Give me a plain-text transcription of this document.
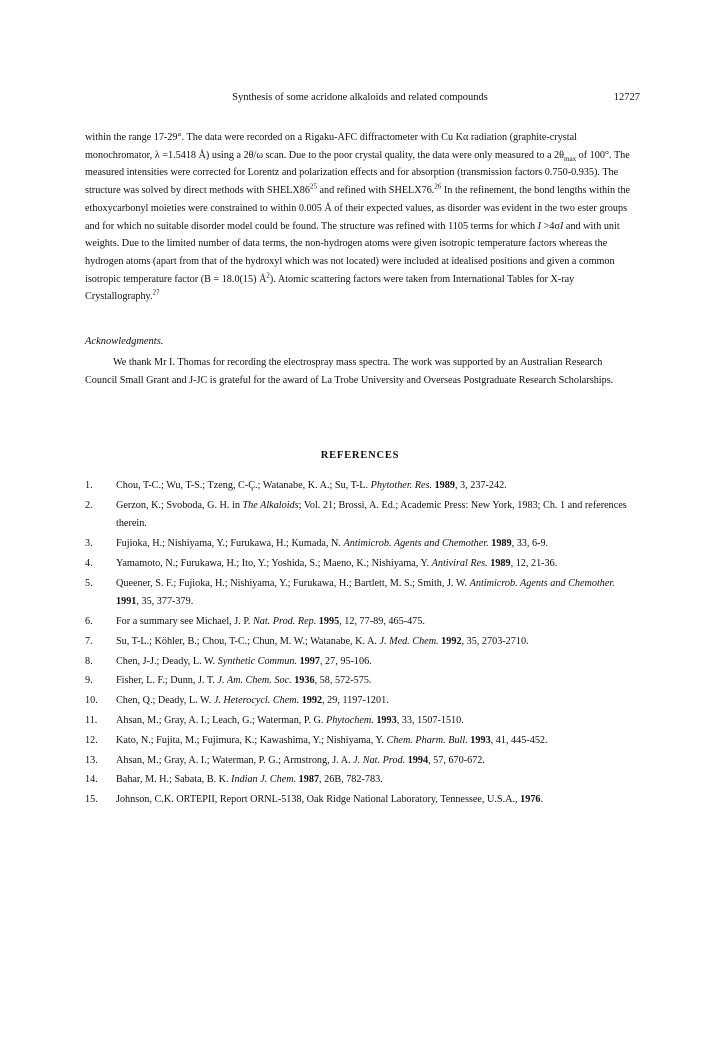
Synthesis of some acridone alkaloids and related compounds	12727

within the range 17-29°. The data were recorded on a Rigaku-AFC diffractometer with Cu Kα radiation (graphite-crystal monochromator, λ =1.5418 Å) using a 2θ/ω scan. Due to the poor crystal quality, the data were only measured to a $2\theta_{max}$ of 100°. The measured intensities were corrected for Lorentz and polarization effects and for absorption (transmission factors 0.750-0.935). The structure was solved by direct methods with $SHELX86^{25}$ and refined with SHELX76.26 In the refinement, the bond lengths within the ethoxycarbonyl moieties were constrained to within 0.005 Å of their expected values, as disorder was evident in the two ester groups and for which no suitable disorder model could be found. The structure was refined with 1105 terms for which I >4σI and with unit weights. Due to the limited number of data terms, the non-hydrogen atoms were given isotropic temperature factors whereas the hydrogen atoms (apart from that of the hydroxyl which was not located) were included at idealised positions and given a common isotropic temperature factor (B = 18.0(15) $Å^2$). Atomic scattering factors were taken from International Tables for X-ray Crystallography.$^{27}$

Acknowledgments.

We thank Mr I. Thomas for recording the electrospray mass spectra. The work was supported by an Australian Research Council Small Grant and J-JC is grateful for the award of La Trobe University and Overseas Postgraduate Research Scholarships.

REFERENCES

1. Chou, T-C.; Wu, T-S.; Tzeng, C-Ç.; Watanabe, K. A.; Su, T-L. Phytother. Res. 1989, 3, 237-242.
2. Gerzon, K.; Svoboda, G. H. in The Alkaloids; Vol. 21; Brossi, A. Ed.; Academic Press: New York, 1983; Ch. 1 and references therein.
3. Fujioka, H.; Nishiyama, Y.; Furukawa, H.; Kumada, N. Antimicrob. Agents and Chemother. 1989, 33, 6-9.
4. Yamamoto, N.; Furukawa, H.; Ito, Y.; Yoshida, S.; Maeno, K.; Nishiyama, Y. Antiviral Res. 1989, 12, 21-36.
5. Queener, S. F.; Fujioka, H.; Nishiyama, Y.; Furukawa, H.; Bartlett, M. S.; Smith, J. W. Antimicrob. Agents and Chemother. 1991, 35, 377-379.
6. For a summary see Michael, J. P. Nat. Prod. Rep. 1995, 12, 77-89, 465-475.
7. Su, T-L.; Köhler, B.; Chou, T-C.; Chun, M. W.; Watanabe, K. A. J. Med. Chem. 1992, 35, 2703-2710.
8. Chen, J-J.; Deady, L. W. Synthetic Commun. 1997, 27, 95-106.
9. Fisher, L. F.; Dunn, J. T. J. Am. Chem. Soc. 1936, 58, 572-575.
10. Chen, Q.; Deady, L. W. J. Heterocycl. Chem. 1992, 29, 1197-1201.
11. Ahsan, M.; Gray, A. I.; Leach, G.; Waterman, P. G. Phytochem. 1993, 33, 1507-1510.
12. Kato, N.; Fujita, M.; Fujimura, K.; Kawashima, Y.; Nishiyama, Y. Chem. Pharm. Bull. 1993, 41, 445-452.
13. Ahsan, M.; Gray, A. I.; Waterman, P. G.; Armstrong, J. A. J. Nat. Prod. 1994, 57, 670-672.
14. Bahar, M. H.; Sabata, B. K. Indian J. Chem. 1987, 26B, 782-783.
15. Johnson, C.K. ORTEPII, Report ORNL-5138, Oak Ridge National Laboratory, Tennessee, U.S.A., 1976.
